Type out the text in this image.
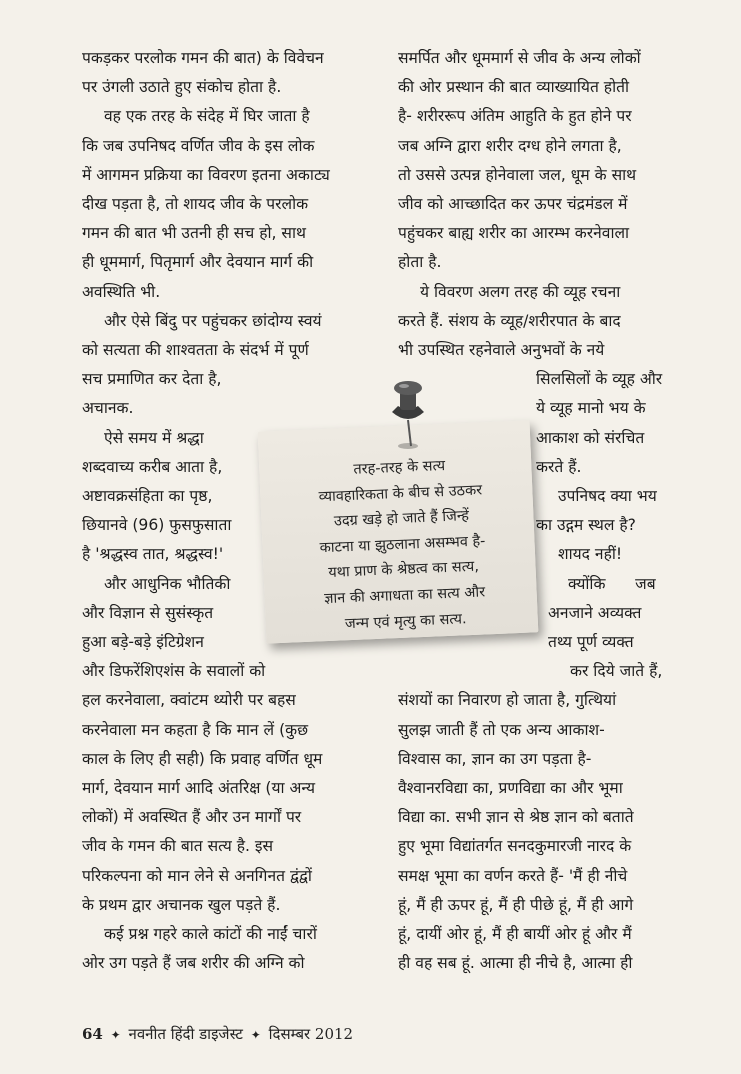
पकड़कर परलोक गमन की बात) के विवेचन
पर उंगली उठाते हुए संकोच होता है.
वह एक तरह के संदेह में घिर जाता है
कि जब उपनिषद वर्णित जीव के इस लोक
में आगमन प्रक्रिया का विवरण इतना अकाट्य
दीख पड़ता है, तो शायद जीव के परलोक
गमन की बात भी उतनी ही सच हो, साथ
ही धूममार्ग, पितृमार्ग और देवयान मार्ग की
अवस्थिति भी.
और ऐसे बिंदु पर पहुंचकर छांदोग्य स्वयं
को सत्यता की शाश्वतता के संदर्भ में पूर्ण
सच प्रमाणित कर देता है,
अचानक.
ऐसे समय में श्रद्धा
शब्दवाच्य करीब आता है,
अष्टावक्रसंहिता का पृष्ठ,
छियानवे (96) फुसफुसाता
है 'श्रद्धस्व तात, श्रद्धस्व!'
और आधुनिक भौतिकी
और विज्ञान से सुसंस्कृत
हुआ बड़े-बड़े इंटिग्रेशन
और डिफरेंशिएशंस के सवालों को
हल करनेवाला, क्वांटम थ्योरी पर बहस
करनेवाला मन कहता है कि मान लें (कुछ
काल के लिए ही सही) कि प्रवाह वर्णित धूम
मार्ग, देवयान मार्ग आदि अंतरिक्ष (या अन्य
लोकों) में अवस्थित हैं और उन मार्गों पर
जीव के गमन की बात सत्य है. इस
परिकल्पना को मान लेने से अनगिनत द्वंद्वों
के प्रथम द्वार अचानक खुल पड़ते हैं.
कई प्रश्न गहरे काले कांटों की नाईं चारों
ओर उग पड़ते हैं जब शरीर की अग्नि को
समर्पित और धूममार्ग से जीव के अन्य लोकों
की ओर प्रस्थान की बात व्याख्यायित होती
है- शरीररूप अंतिम आहुति के हुत होने पर
जब अग्नि द्वारा शरीर दग्ध होने लगता है,
तो उससे उत्पन्न होनेवाला जल, धूम के साथ
जीव को आच्छादित कर ऊपर चंद्रमंडल में
पहुंचकर बाह्य शरीर का आरम्भ करनेवाला
होता है.
ये विवरण अलग तरह की व्यूह रचना
करते हैं. संशय के व्यूह/शरीरपात के बाद
भी उपस्थित रहनेवाले अनुभवों के नये
सिलसिलों के व्यूह और
ये व्यूह मानो भय के
आकाश को संरचित
करते हैं.
उपनिषद क्या भय
का उद्गम स्थल है?
शायद नहीं!
क्योंकि      जब
अनजाने अव्यक्त
तथ्य पूर्ण व्यक्त
कर दिये जाते हैं,
संशयों का निवारण हो जाता है, गुत्थियां
सुलझ जाती हैं तो एक अन्य आकाश-
विश्वास का, ज्ञान का उग पड़ता है-
वैश्वानरविद्या का, प्रणविद्या का और भूमा
विद्या का. सभी ज्ञान से श्रेष्ठ ज्ञान को बताते
हुए भूमा विद्यांतर्गत सनदकुमारजी नारद के
समक्ष भूमा का वर्णन करते हैं- 'मैं ही नीचे
हूं, मैं ही ऊपर हूं, मैं ही पीछे हूं, मैं ही आगे
हूं, दायीं ओर हूं, मैं ही बायीं ओर हूं और मैं
ही वह सब हूं. आत्मा ही नीचे है, आत्मा ही
तरह-तरह के सत्य
व्यावहारिकता के बीच से उठकर
उदग्र खड़े हो जाते हैं जिन्हें
काटना या झुठलाना असम्भव है-
यथा प्राण के श्रेष्ठत्व का सत्य,
ज्ञान की अगाधता का सत्य और
जन्म एवं मृत्यु का सत्य.
64 ✦ नवनीत हिंदी डाइजेस्ट ✦ दिसम्बर 2012
